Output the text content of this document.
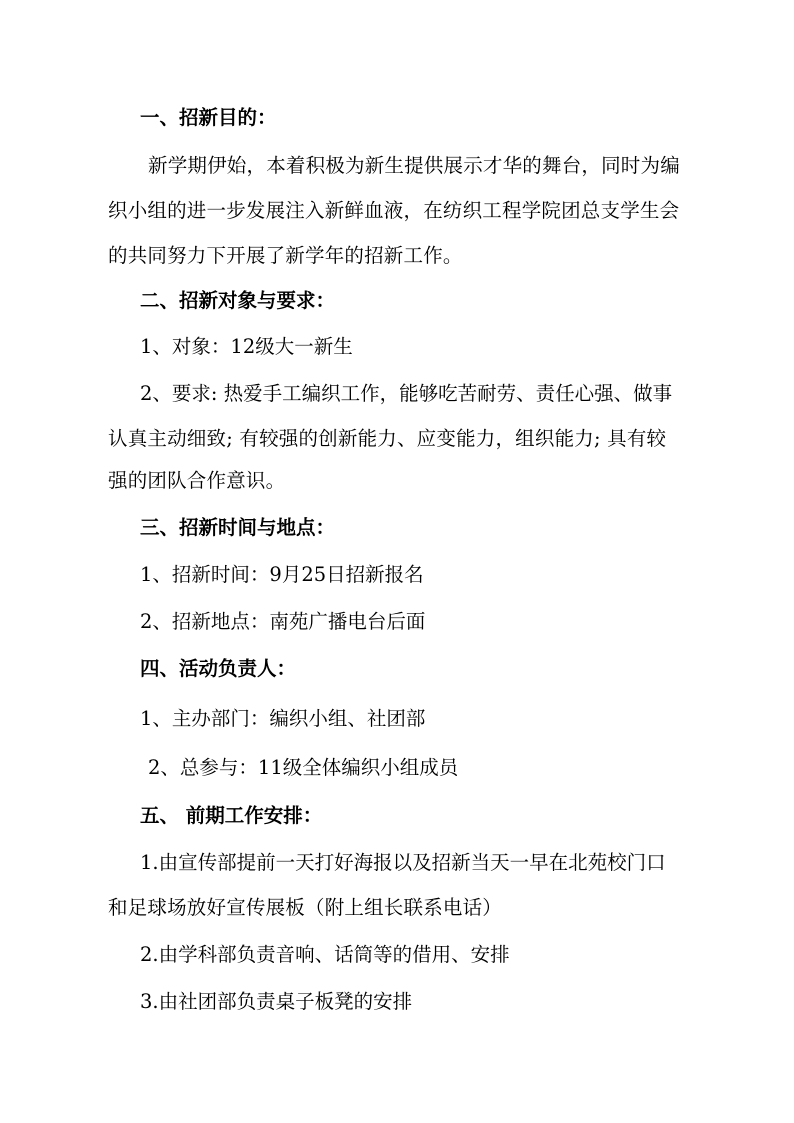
一、招新目的：
新学期伊始，本着积极为新生提供展示才华的舞台，同时为编
织小组的进一步发展注入新鲜血液，在纺织工程学院团总支学生会
的共同努力下开展了新学年的招新工作。
二、招新对象与要求：
1、对象：12级大一新生
2、要求: 热爱手工编织工作，能够吃苦耐劳、责任心强、做事
认真主动细致; 有较强的创新能力、应变能力，组织能力; 具有较
强的团队合作意识。
三、招新时间与地点：
1、招新时间：9月25日招新报名
2、招新地点：南苑广播电台后面
四、活动负责人：
1、主办部门：编织小组、社团部
2、总参与：11级全体编织小组成员
五、 前期工作安排：
1.由宣传部提前一天打好海报以及招新当天一早在北苑校门口
和足球场放好宣传展板（附上组长联系电话）
2.由学科部负责音响、话筒等的借用、安排
3.由社团部负责桌子板凳的安排
